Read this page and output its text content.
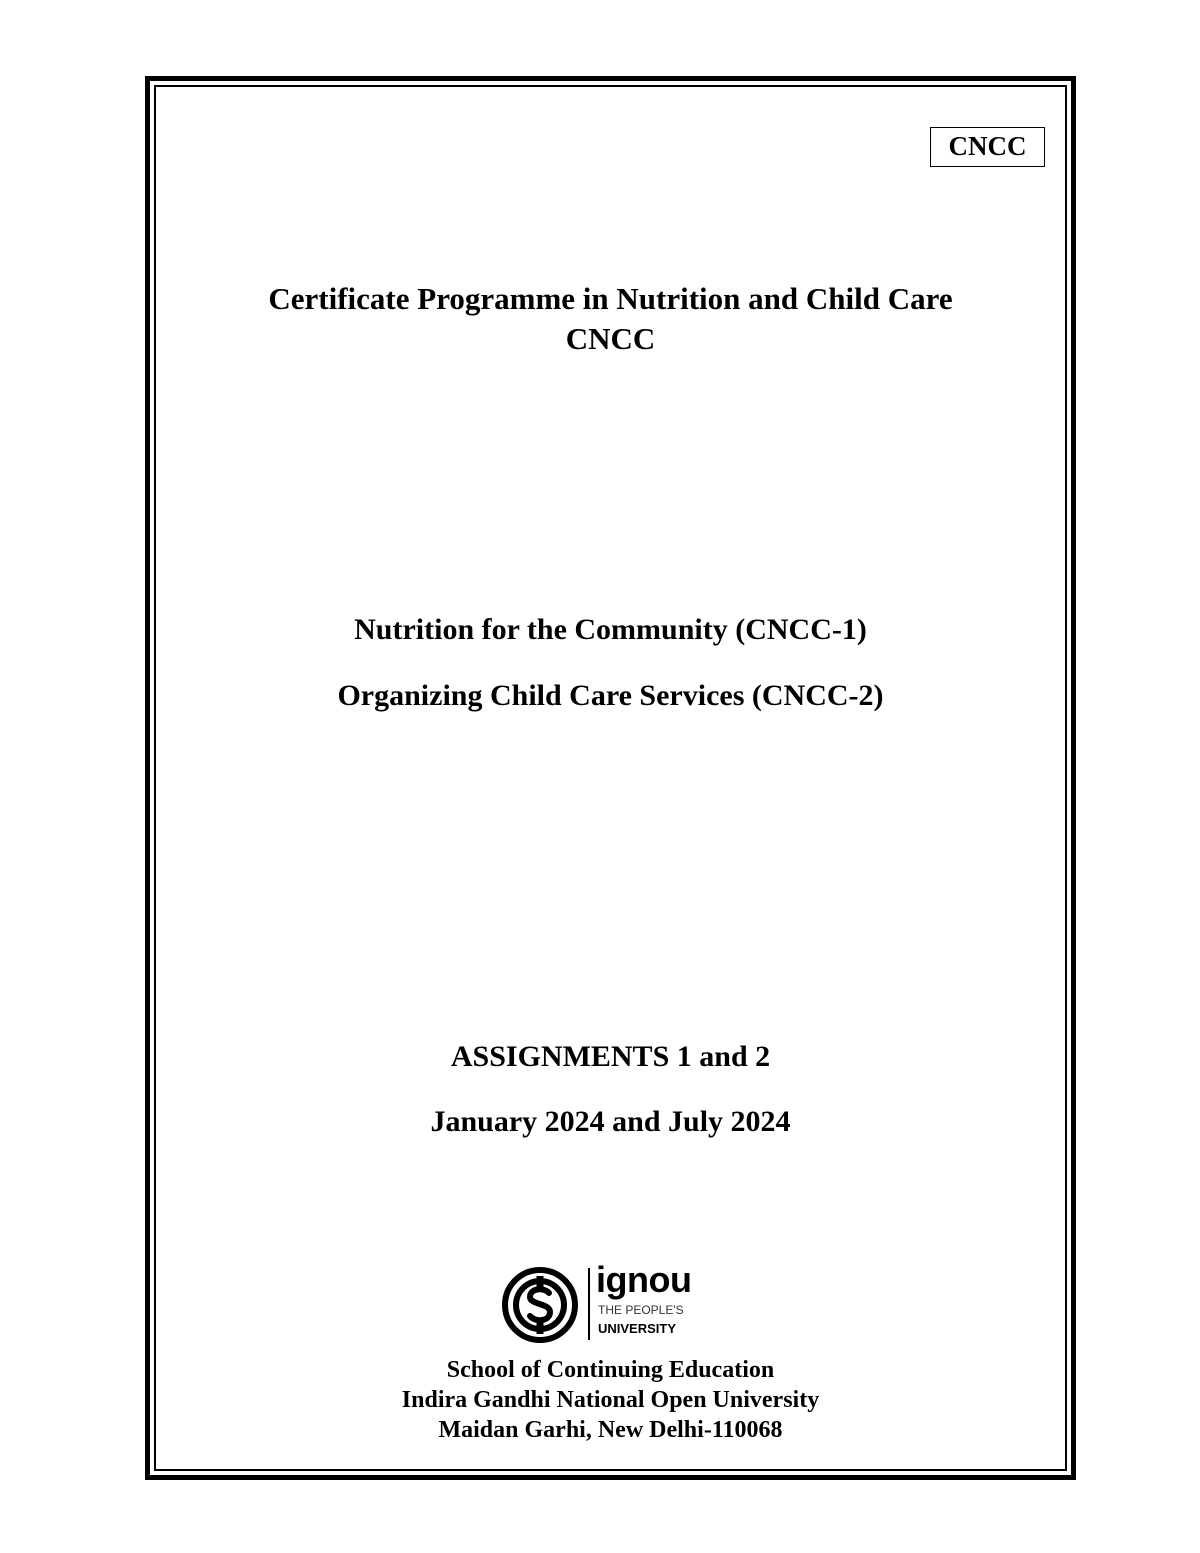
CNCC
Certificate Programme in Nutrition and Child Care
CNCC
Nutrition for the Community (CNCC-1)
Organizing Child Care Services (CNCC-2)
ASSIGNMENTS 1 and 2
January 2024 and July 2024
ignou
THE PEOPLE'S
UNIVERSITY
School of Continuing Education
Indira Gandhi National Open University
Maidan Garhi, New Delhi-110068
